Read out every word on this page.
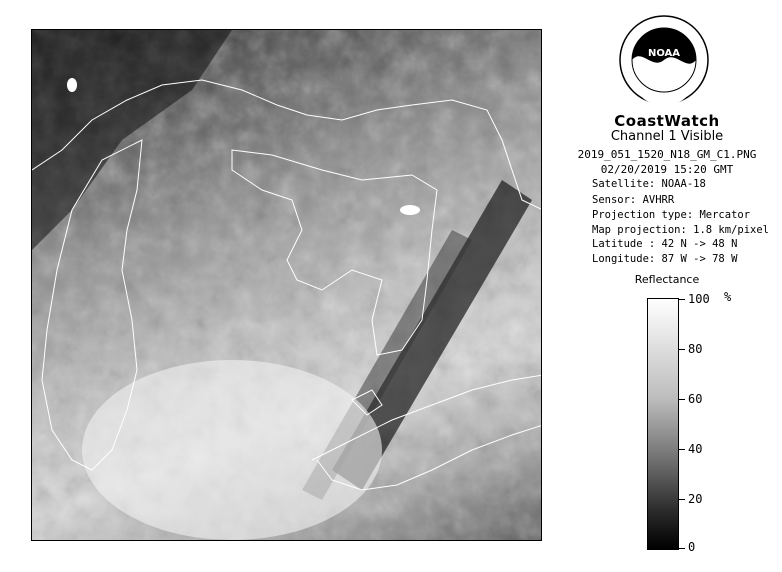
NOAA
CoastWatch
Channel 1 Visible
2019_051_1520_N18_GM_C1.PNG
02/20/2019 15:20 GMT
Satellite: NOAA-18
Sensor: AVHRR
Projection type: Mercator
Map projection: 1.8 km/pixel
Latitude : 42 N -> 48 N
Longitude: 87 W -> 78 W
Reflectance
%
100
80
60
40
20
0
